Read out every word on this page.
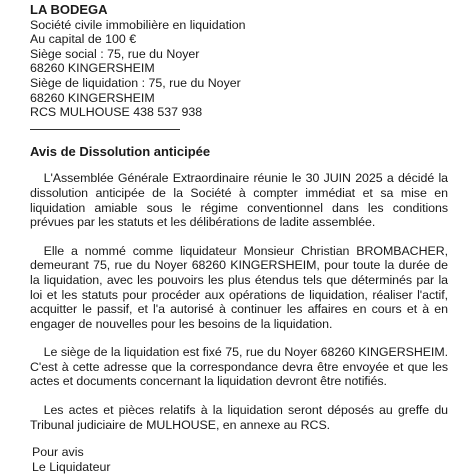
LA BODEGA
Société civile immobilière en liquidation
Au capital de 100 €
Siège social : 75, rue du Noyer
68260 KINGERSHEIM
Siège de liquidation : 75, rue du Noyer
68260 KINGERSHEIM
RCS MULHOUSE 438 537 938
Avis de Dissolution anticipée

L'Assemblée Générale Extraordinaire réunie le 30 JUIN 2025 a décidé la dissolution anticipée de la Société à compter immédiat et sa mise en liquidation amiable sous le régime conventionnel dans les conditions prévues par les statuts et les délibérations de ladite assemblée.

Elle a nommé comme liquidateur Monsieur Christian BROMBACHER, demeurant 75, rue du Noyer 68260 KINGERSHEIM, pour toute la durée de la liquidation, avec les pouvoirs les plus étendus tels que déterminés par la loi et les statuts pour procéder aux opérations de liquidation, réaliser l'actif, acquitter le passif, et l'a autorisé à continuer les affaires en cours et à en engager de nouvelles pour les besoins de la liquidation.

Le siège de la liquidation est fixé 75, rue du Noyer 68260 KINGERSHEIM. C'est à cette adresse que la correspondance devra être envoyée et que les actes et documents concernant la liquidation devront être notifiés.

Les actes et pièces relatifs à la liquidation seront déposés au greffe du Tribunal judiciaire de MULHOUSE, en annexe au RCS.

Pour avis
Le Liquidateur
